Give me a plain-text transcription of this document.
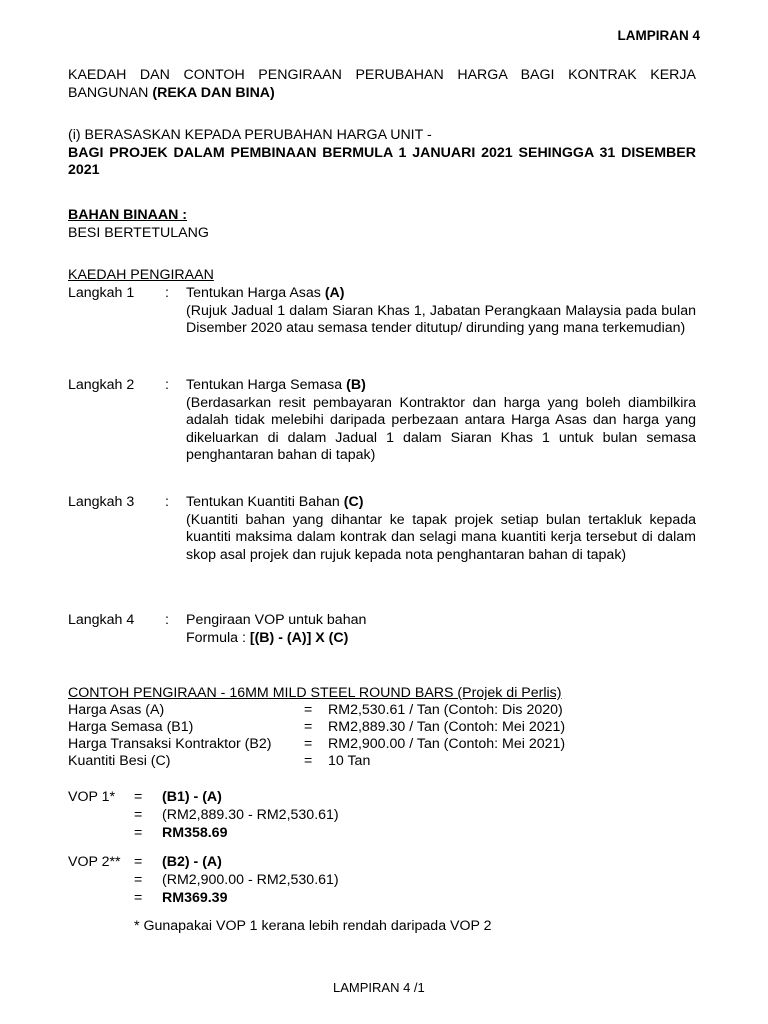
LAMPIRAN 4
KAEDAH DAN CONTOH PENGIRAAN PERUBAHAN HARGA BAGI KONTRAK KERJA BANGUNAN (REKA DAN BINA)
(i) BERASASKAN KEPADA PERUBAHAN HARGA UNIT -
BAGI PROJEK DALAM PEMBINAAN BERMULA 1 JANUARI 2021 SEHINGGA 31 DISEMBER 2021
BAHAN BINAAN :
BESI BERTETULANG
KAEDAH PENGIRAAN
Langkah 1	: Tentukan Harga Asas (A)
(Rujuk Jadual 1 dalam Siaran Khas 1, Jabatan Perangkaan Malaysia pada bulan Disember 2020 atau semasa tender ditutup/ dirunding yang mana terkemudian)
Langkah 2	: Tentukan Harga Semasa (B)
(Berdasarkan resit pembayaran Kontraktor dan harga yang boleh diambilkira adalah tidak melebihi daripada perbezaan antara Harga Asas dan harga yang dikeluarkan di dalam Jadual 1 dalam Siaran Khas 1 untuk bulan semasa penghantaran bahan di tapak)
Langkah 3	: Tentukan Kuantiti Bahan (C)
(Kuantiti bahan yang dihantar ke tapak projek setiap bulan tertakluk kepada kuantiti maksima dalam kontrak dan selagi mana kuantiti kerja tersebut di dalam skop asal projek dan rujuk kepada nota penghantaran bahan di tapak)
Langkah 4	: Pengiraan VOP untuk bahan
Formula : [(B) - (A)] X (C)
CONTOH PENGIRAAN - 16MM MILD STEEL ROUND BARS (Projek di Perlis)
Harga Asas (A)	= RM2,530.61 / Tan (Contoh: Dis 2020)
Harga Semasa (B1)	= RM2,889.30 / Tan (Contoh: Mei 2021)
Harga Transaksi Kontraktor (B2) = RM2,900.00 / Tan (Contoh: Mei 2021)
Kuantiti Besi (C)	= 10 Tan
VOP 1* = (B1) - (A)
= (RM2,889.30 - RM2,530.61)
= RM358.69
VOP 2** = (B2) - (A)
= (RM2,900.00 - RM2,530.61)
= RM369.39
* Gunapakai VOP 1 kerana lebih rendah daripada VOP 2
LAMPIRAN 4 /1
